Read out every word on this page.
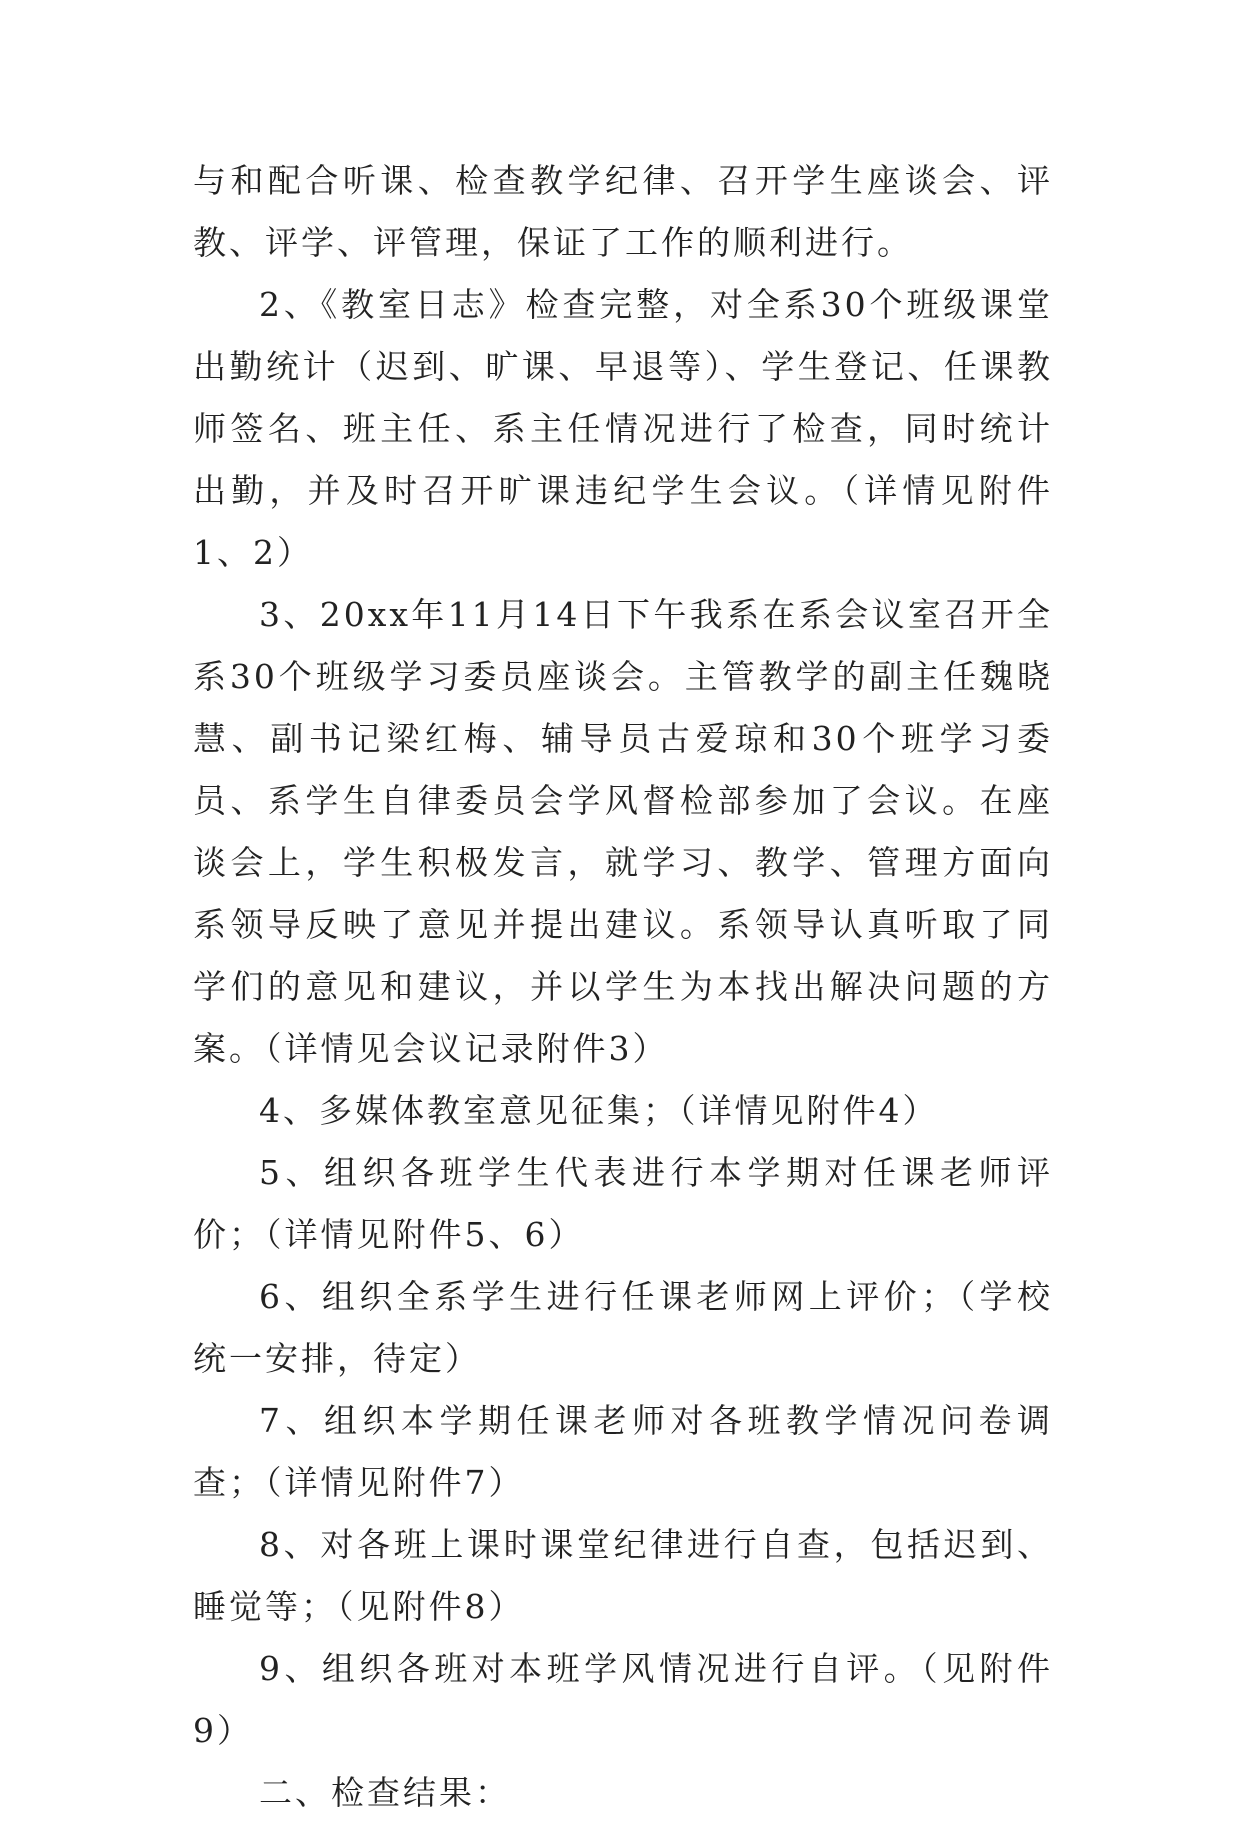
与和配合听课、检查教学纪律、召开学生座谈会、评教、评学、评管理，保证了工作的顺利进行。

2、《教室日志》检查完整，对全系30个班级课堂出勤统计（迟到、旷课、早退等）、学生登记、任课教师签名、班主任、系主任情况进行了检查，同时统计出勤，并及时召开旷课违纪学生会议。（详情见附件1、2）

3、20xx年11月14日下午我系在系会议室召开全系30个班级学习委员座谈会。主管教学的副主任魏晓慧、副书记梁红梅、辅导员古爱琼和30个班学习委员、系学生自律委员会学风督检部参加了会议。在座谈会上，学生积极发言，就学习、教学、管理方面向系领导反映了意见并提出建议。系领导认真听取了同学们的意见和建议，并以学生为本找出解决问题的方案。（详情见会议记录附件3）

4、多媒体教室意见征集；（详情见附件4）

5、组织各班学生代表进行本学期对任课老师评价；（详情见附件5、6）

6、组织全系学生进行任课老师网上评价；（学校统一安排，待定）

7、组织本学期任课老师对各班教学情况问卷调查；（详情见附件7）

8、对各班上课时课堂纪律进行自查，包括迟到、睡觉等；（见附件8）

9、组织各班对本班学风情况进行自评。（见附件9）

二、检查结果：
